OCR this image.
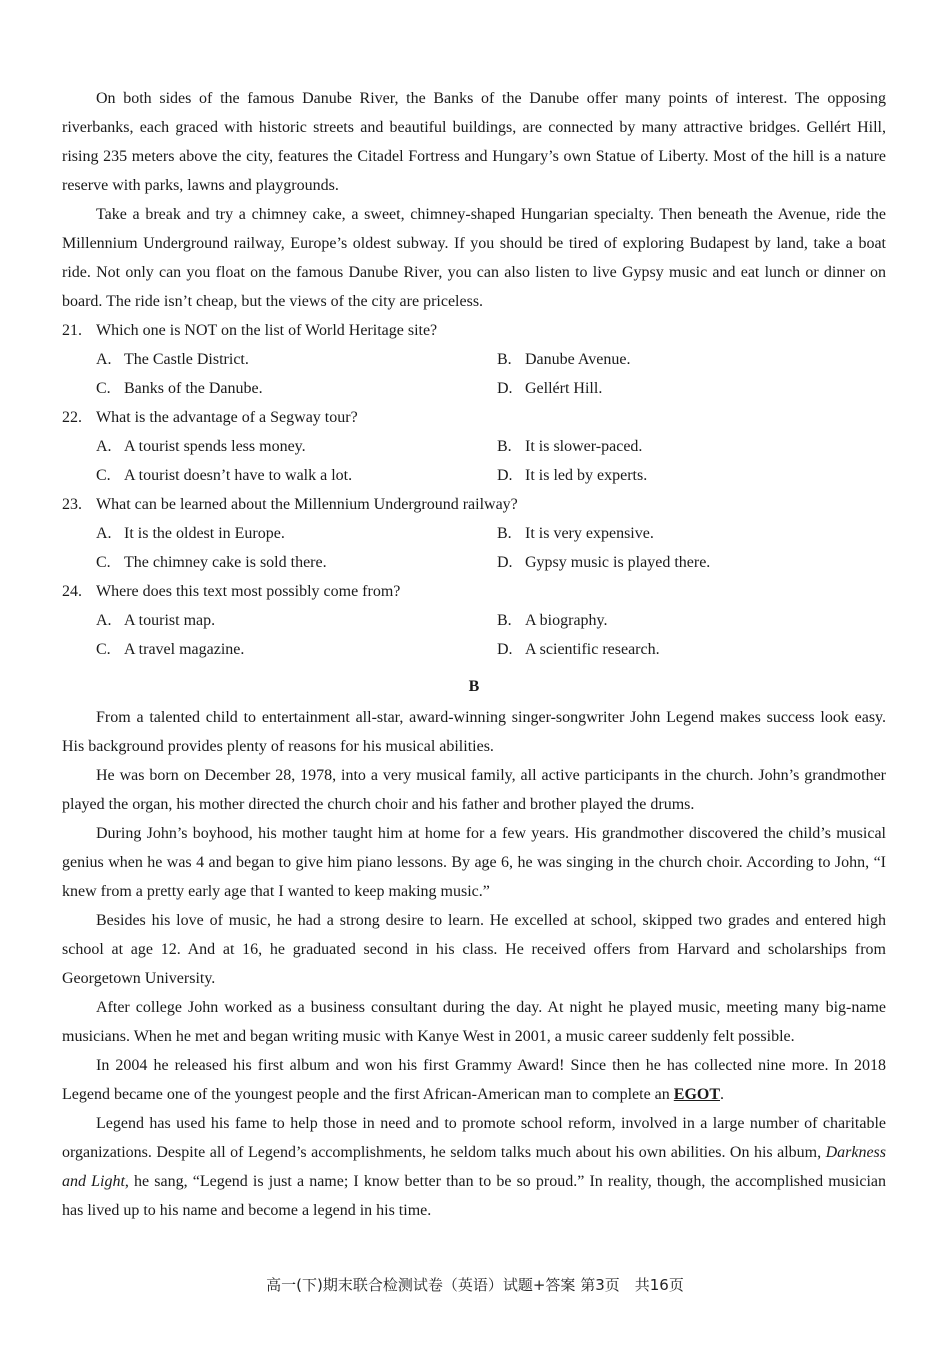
On both sides of the famous Danube River, the Banks of the Danube offer many points of interest. The opposing riverbanks, each graced with historic streets and beautiful buildings, are connected by many attractive bridges. Gellért Hill, rising 235 meters above the city, features the Citadel Fortress and Hungary’s own Statue of Liberty. Most of the hill is a nature reserve with parks, lawns and playgrounds.

Take a break and try a chimney cake, a sweet, chimney-shaped Hungarian specialty. Then beneath the Avenue, ride the Millennium Underground railway, Europe’s oldest subway. If you should be tired of exploring Budapest by land, take a boat ride. Not only can you float on the famous Danube River, you can also listen to live Gypsy music and eat lunch or dinner on board. The ride isn’t cheap, but the views of the city are priceless.

21. Which one is NOT on the list of World Heritage site?

A. The Castle District.	B. Danube Avenue.
C. Banks of the Danube.	D. Gellért Hill.

22. What is the advantage of a Segway tour?

A. A tourist spends less money.	B. It is slower-paced.
C. A tourist doesn’t have to walk a lot.	D. It is led by experts.

23. What can be learned about the Millennium Underground railway?

A. It is the oldest in Europe.	B. It is very expensive.
C. The chimney cake is sold there.	D. Gypsy music is played there.

24. Where does this text most possibly come from?

A. A tourist map.	B. A biography.
C. A travel magazine.	D. A scientific research.
B

From a talented child to entertainment all-star, award-winning singer-songwriter John Legend makes success look easy. His background provides plenty of reasons for his musical abilities.

He was born on December 28, 1978, into a very musical family, all active participants in the church. John’s grandmother played the organ, his mother directed the church choir and his father and brother played the drums.

During John’s boyhood, his mother taught him at home for a few years. His grandmother discovered the child’s musical genius when he was 4 and began to give him piano lessons. By age 6, he was singing in the church choir. According to John, “I knew from a pretty early age that I wanted to keep making music.”

Besides his love of music, he had a strong desire to learn. He excelled at school, skipped two grades and entered high school at age 12. And at 16, he graduated second in his class. He received offers from Harvard and scholarships from Georgetown University.

After college John worked as a business consultant during the day. At night he played music, meeting many big-name musicians. When he met and began writing music with Kanye West in 2001, a music career suddenly felt possible.

In 2004 he released his first album and won his first Grammy Award! Since then he has collected nine more. In 2018 Legend became one of the youngest people and the first African-American man to complete an EGOT.

Legend has used his fame to help those in need and to promote school reform, involved in a large number of charitable organizations. Despite all of Legend’s accomplishments, he seldom talks much about his own abilities. On his album, Darkness and Light, he sang, “Legend is just a name; I know better than to be so proud.” In reality, though, the accomplished musician has lived up to his name and become a legend in his time.

高一(下)期末联合检测试卷（英语）试题+答案 第3页　共16页
